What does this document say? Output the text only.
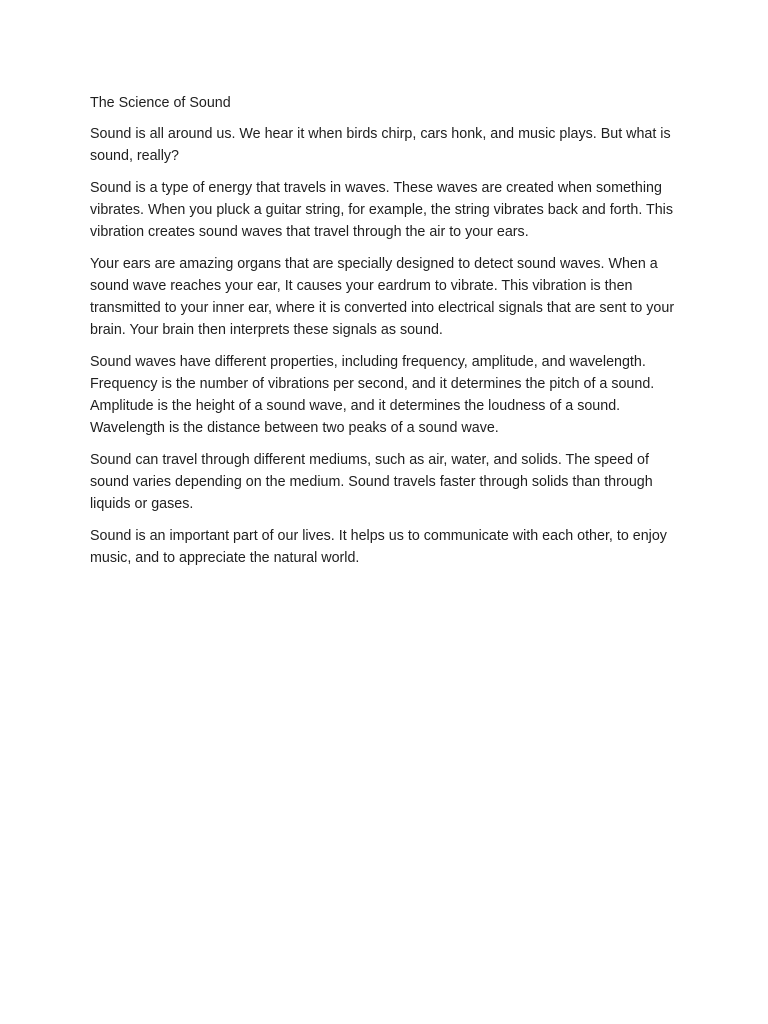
The Science of Sound

Sound is all around us. We hear it when birds chirp, cars honk, and music plays. But what is sound, really?

Sound is a type of energy that travels in waves. These waves are created when something vibrates. When you pluck a guitar string, for example, the string vibrates back and forth. This vibration creates sound waves that travel through the air to your ears.

Your ears are amazing organs that are specially designed to detect sound waves. When a sound wave reaches your ear, It causes your eardrum to vibrate. This vibration is then transmitted to your inner ear, where it is converted into electrical signals that are sent to your brain. Your brain then interprets these signals as sound.

Sound waves have different properties, including frequency, amplitude, and wavelength. Frequency is the number of vibrations per second, and it determines the pitch of a sound. Amplitude is the height of a sound wave, and it determines the loudness of a sound. Wavelength is the distance between two peaks of a sound wave.

Sound can travel through different mediums, such as air, water, and solids. The speed of sound varies depending on the medium. Sound travels faster through solids than through liquids or gases.

Sound is an important part of our lives. It helps us to communicate with each other, to enjoy music, and to appreciate the natural world.
